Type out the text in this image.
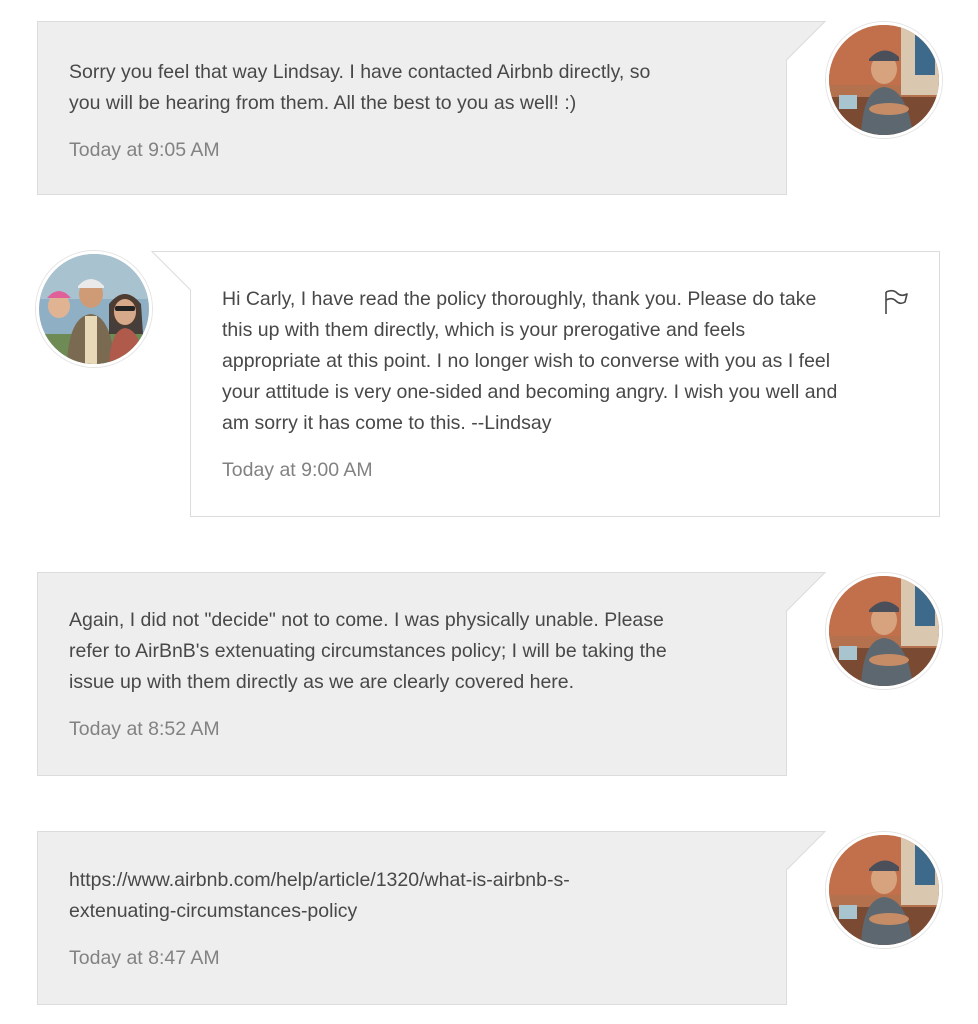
Sorry you feel that way Lindsay. I have contacted Airbnb directly, so
you will be hearing from them. All the best to you as well! :)

Today at 9:05 AM

Hi Carly, I have read the policy thoroughly, thank you. Please do take
this up with them directly, which is your prerogative and feels
appropriate at this point. I no longer wish to converse with you as I feel
your attitude is very one-sided and becoming angry. I wish you well and
am sorry it has come to this. --Lindsay

Today at 9:00 AM

Again, I did not "decide" not to come. I was physically unable. Please
refer to AirBnB's extenuating circumstances policy; I will be taking the
issue up with them directly as we are clearly covered here.

Today at 8:52 AM

https://www.airbnb.com/help/article/1320/what-is-airbnb-s-
extenuating-circumstances-policy

Today at 8:47 AM
